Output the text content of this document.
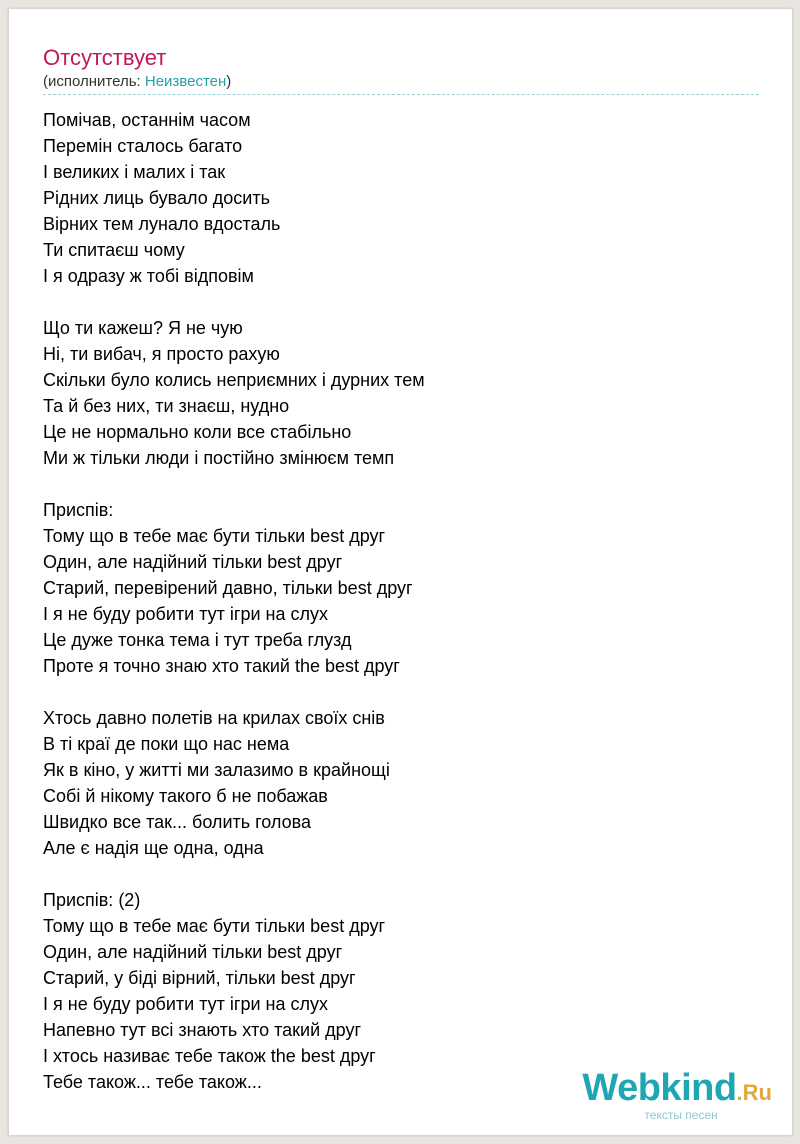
Отсутствует
(исполнитель: Неизвестен)
Помічав, останнім часом
Перемін сталось багато
І великих і малих і так
Рідних лиць бувало досить
Вірних тем лунало вдосталь
Ти спитаєш чому
І я одразу ж тобі відповім
Що ти кажеш? Я не чую
Ні, ти вибач, я просто рахую
Скільки було колись неприємних і дурних тем
Та й без них, ти знаєш, нудно
Це не нормально коли все стабільно
Ми ж тільки люди і постійно змінюєм темп
Приспів:
Тому що в тебе має бути тільки best друг
Один, але надійний тільки best друг
Старий, перевірений давно, тільки best друг
І я не буду робити тут ігри на слух
Це дуже тонка тема і тут треба глузд
Проте я точно знаю хто такий the best друг
Хтось давно полетів на крилах своїх снів
В ті краї де поки що нас нема
Як в кіно, у житті ми залазимо в крайнощі
Собі й нікому такого б не побажав
Швидко все так... болить голова
Але є надія ще одна, одна
Приспів: (2)
Тому що в тебе має бути тільки best друг
Один, але надійний тільки best друг
Старий, у біді вірний, тільки best друг
І я не буду робити тут ігри на слух
Напевно тут всі знають хто такий друг
І хтось називає тебе також the best друг
Тебе також... тебе також...	Webkind.Ru
тексты песен
